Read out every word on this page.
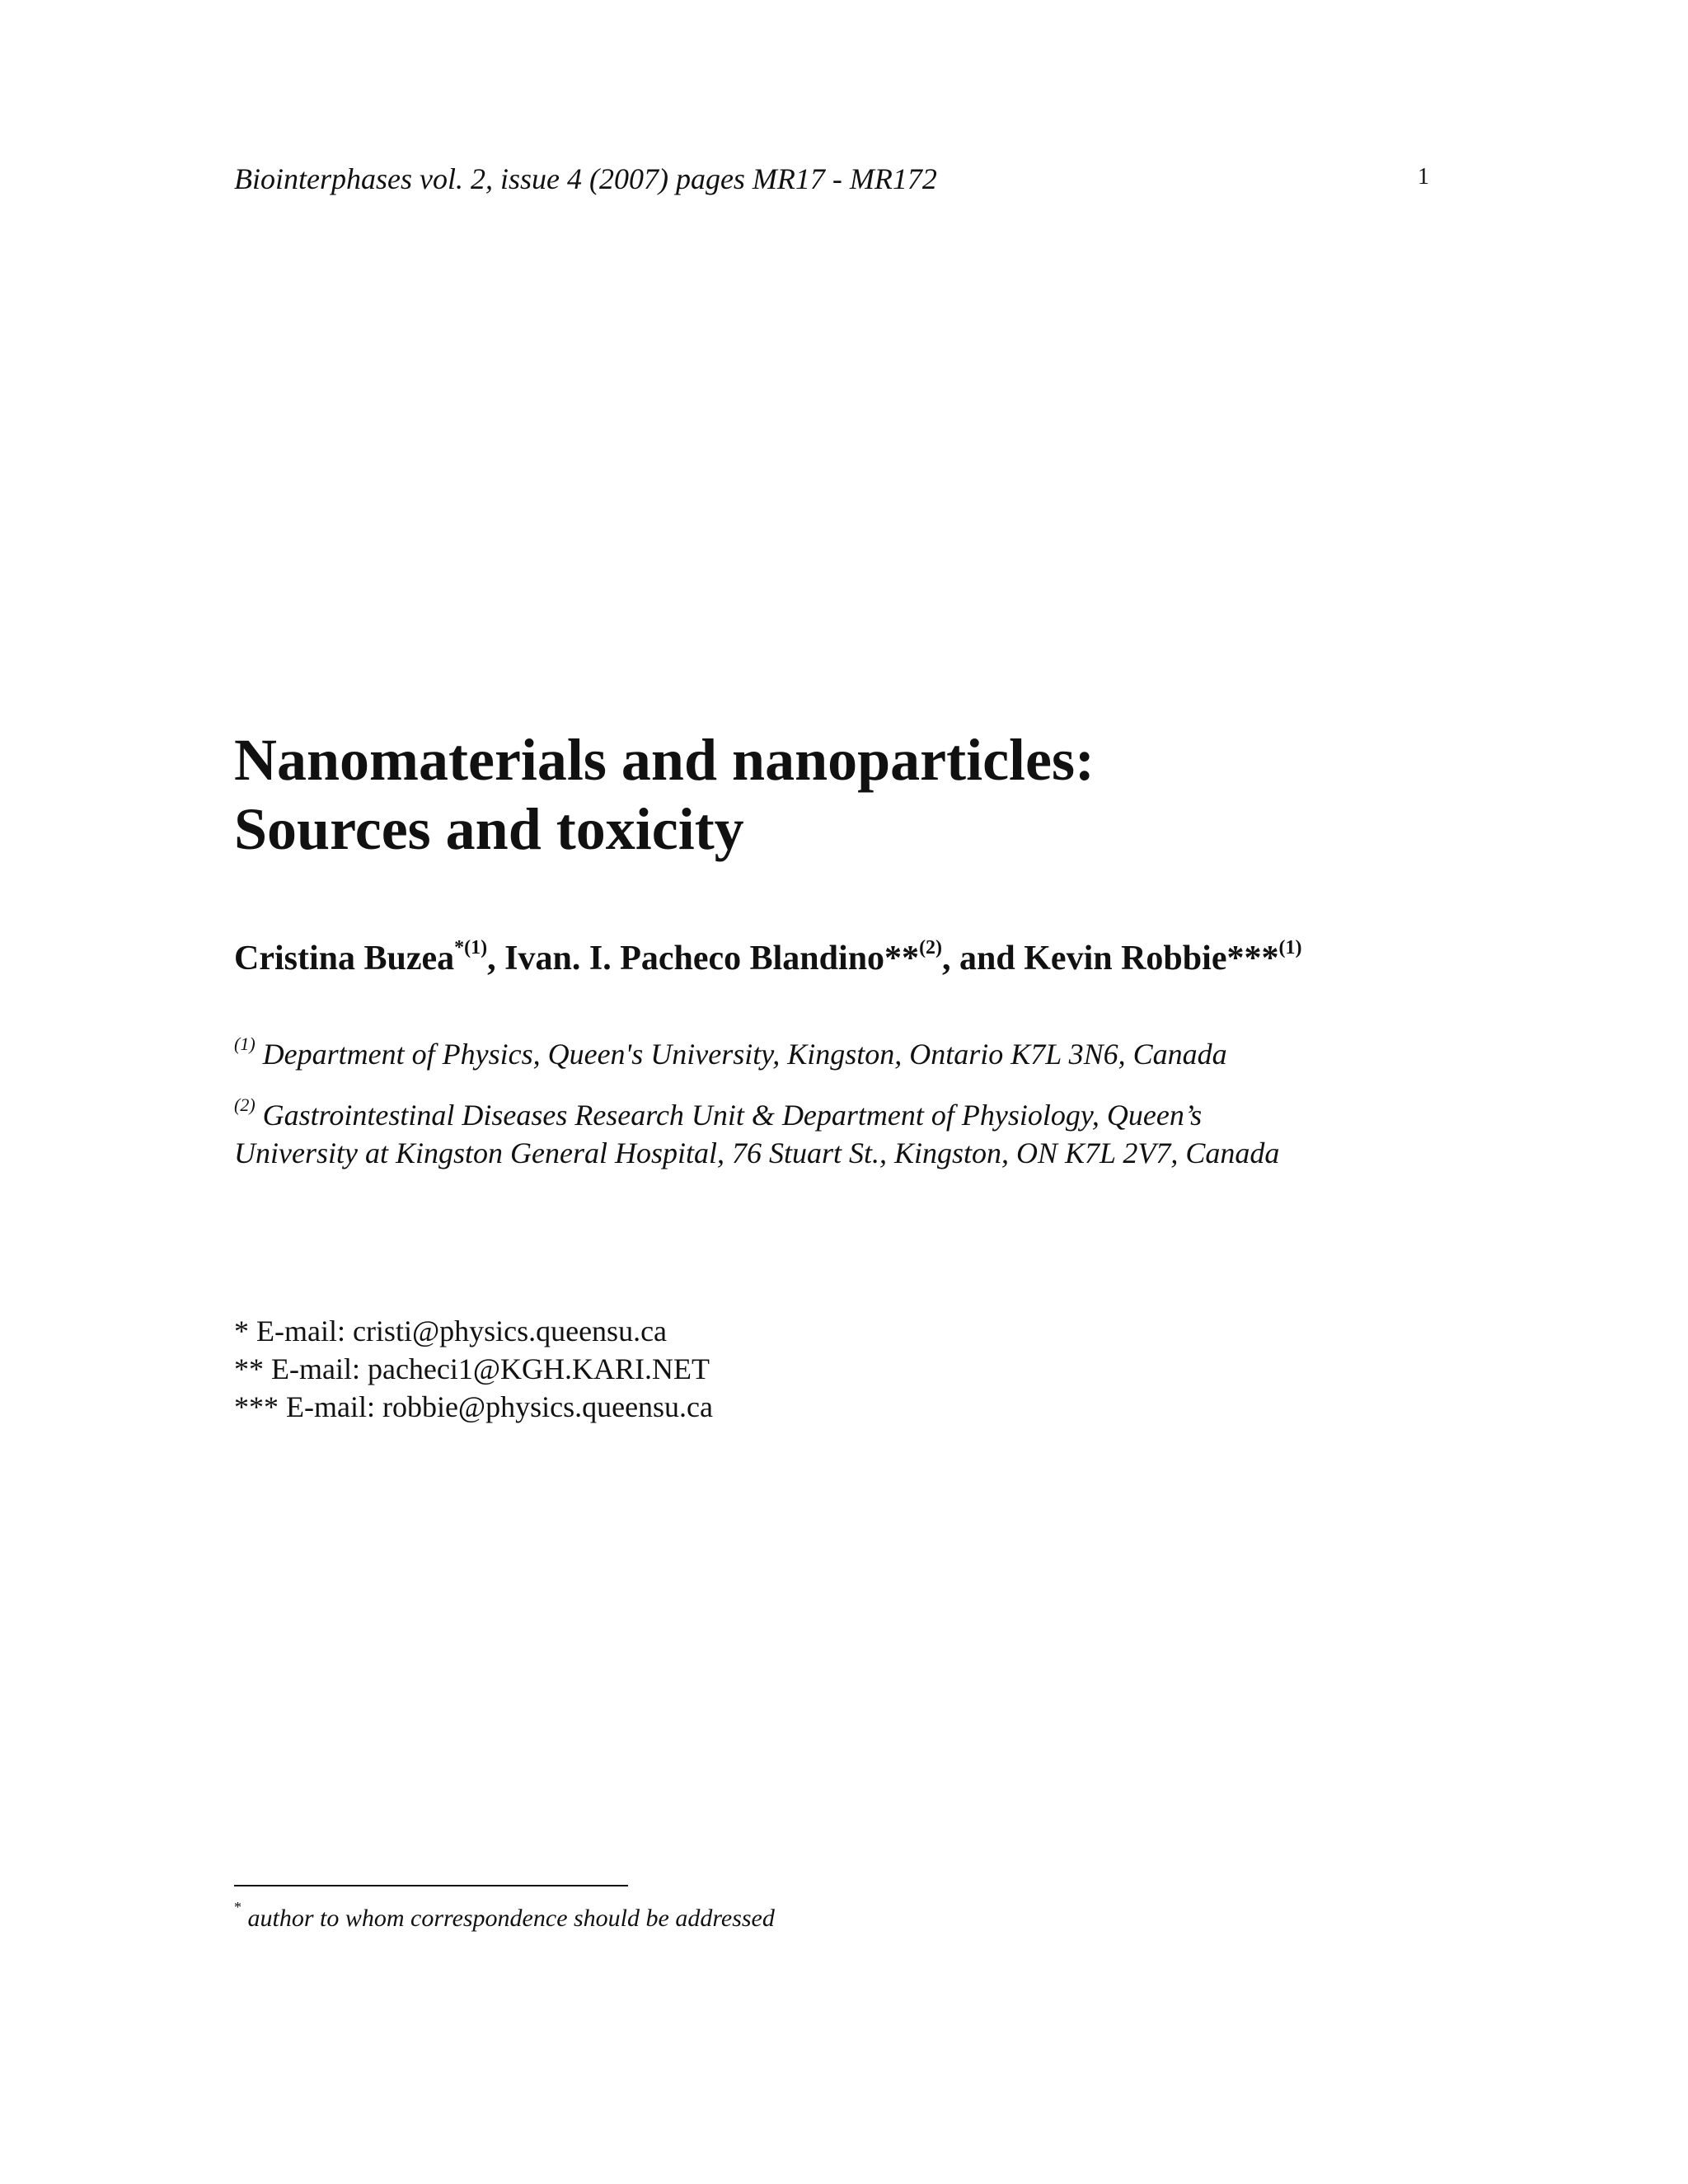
Biointerphases vol. 2, issue 4 (2007) pages MR17 - MR172	1
Nanomaterials and nanoparticles:
Sources and toxicity
Cristina Buzea$^{*(1)}$, Ivan. I. Pacheco Blandino**$^{(2)}$, and Kevin Robbie***$^{(1)}$
$^{(1)}$ Department of Physics, Queen's University, Kingston, Ontario K7L 3N6, Canada
$^{(2)}$ Gastrointestinal Diseases Research Unit & Department of Physiology, Queen’s
University at Kingston General Hospital, 76 Stuart St., Kingston, ON K7L 2V7, Canada
* E-mail: cristi@physics.queensu.ca
** E-mail: pacheci1@KGH.KARI.NET
*** E-mail: robbie@physics.queensu.ca
* author to whom correspondence should be addressed
